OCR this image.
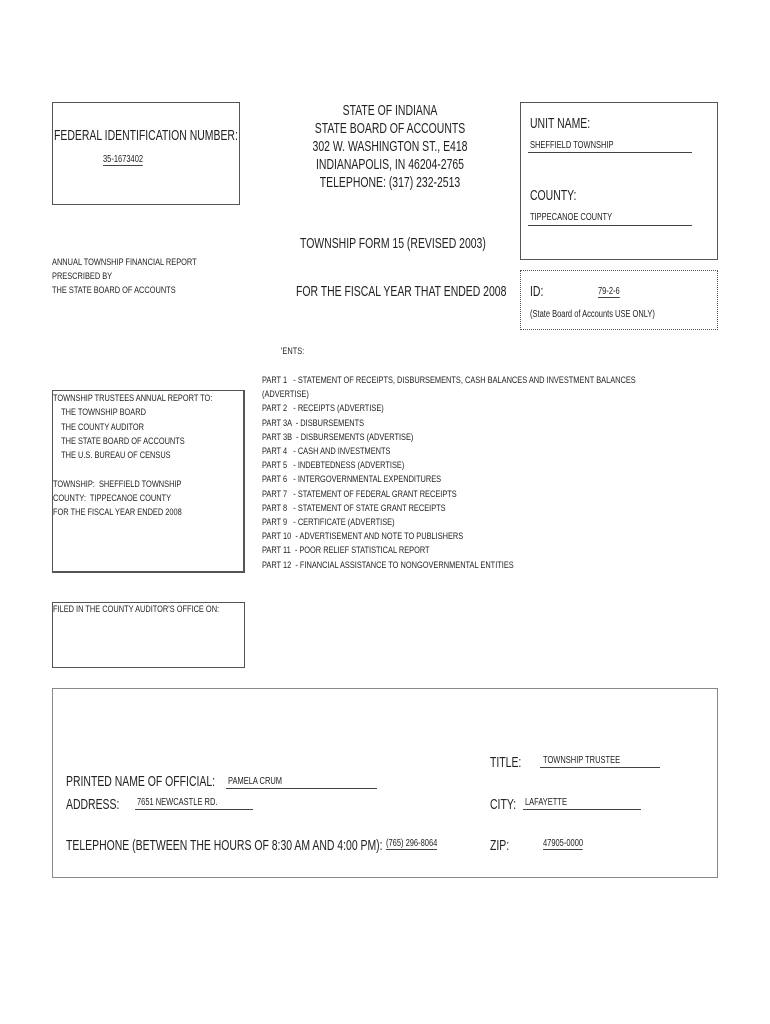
FEDERAL IDENTIFICATION NUMBER:
35-1673402
STATE OF INDIANA
STATE BOARD OF ACCOUNTS
302 W. WASHINGTON ST., E418
INDIANAPOLIS, IN 46204-2765
TELEPHONE: (317) 232-2513
UNIT NAME:
SHEFFIELD TOWNSHIP
COUNTY:
TIPPECANOE COUNTY
TOWNSHIP FORM 15 (REVISED 2003)
ANNUAL TOWNSHIP FINANCIAL REPORT
PRESCRIBED BY
THE STATE BOARD OF ACCOUNTS	FOR THE FISCAL YEAR THAT ENDED 2008 ID:	79-2-6
(State Board of Accounts USE ONLY)
'ENTS:
PART 1   - STATEMENT OF RECEIPTS, DISBURSEMENTS, CASH BALANCES AND INVESTMENT BALANCES
(ADVERTISE)
PART 2   - RECEIPTS (ADVERTISE)
PART 3A  - DISBURSEMENTS
PART 3B  - DISBURSEMENTS (ADVERTISE)
PART 4   - CASH AND INVESTMENTS
PART 5   - INDEBTEDNESS (ADVERTISE)
PART 6   - INTERGOVERNMENTAL EXPENDITURES
PART 7   - STATEMENT OF FEDERAL GRANT RECEIPTS
PART 8   - STATEMENT OF STATE GRANT RECEIPTS
PART 9   - CERTIFICATE (ADVERTISE)
PART 10  - ADVERTISEMENT AND NOTE TO PUBLISHERS
PART 11  - POOR RELIEF STATISTICAL REPORT
PART 12  - FINANCIAL ASSISTANCE TO NONGOVERNMENTAL ENTITIES
TOWNSHIP TRUSTEES ANNUAL REPORT TO:
THE TOWNSHIP BOARD
THE COUNTY AUDITOR
THE STATE BOARD OF ACCOUNTS
THE U.S. BUREAU OF CENSUS
TOWNSHIP:  SHEFFIELD TOWNSHIP
COUNTY:  TIPPECANOE COUNTY
FOR THE FISCAL YEAR ENDED 2008
FILED IN THE COUNTY AUDITOR'S OFFICE ON:
TITLE: TOWNSHIP TRUSTEE
PRINTED NAME OF OFFICIAL: PAMELA CRUM
ADDRESS: 7651 NEWCASTLE RD.	CITY: LAFAYETTE
TELEPHONE (BETWEEN THE HOURS OF 8:30 AM AND 4:00 PM): (765) 296-8064	ZIP:	47905-0000
